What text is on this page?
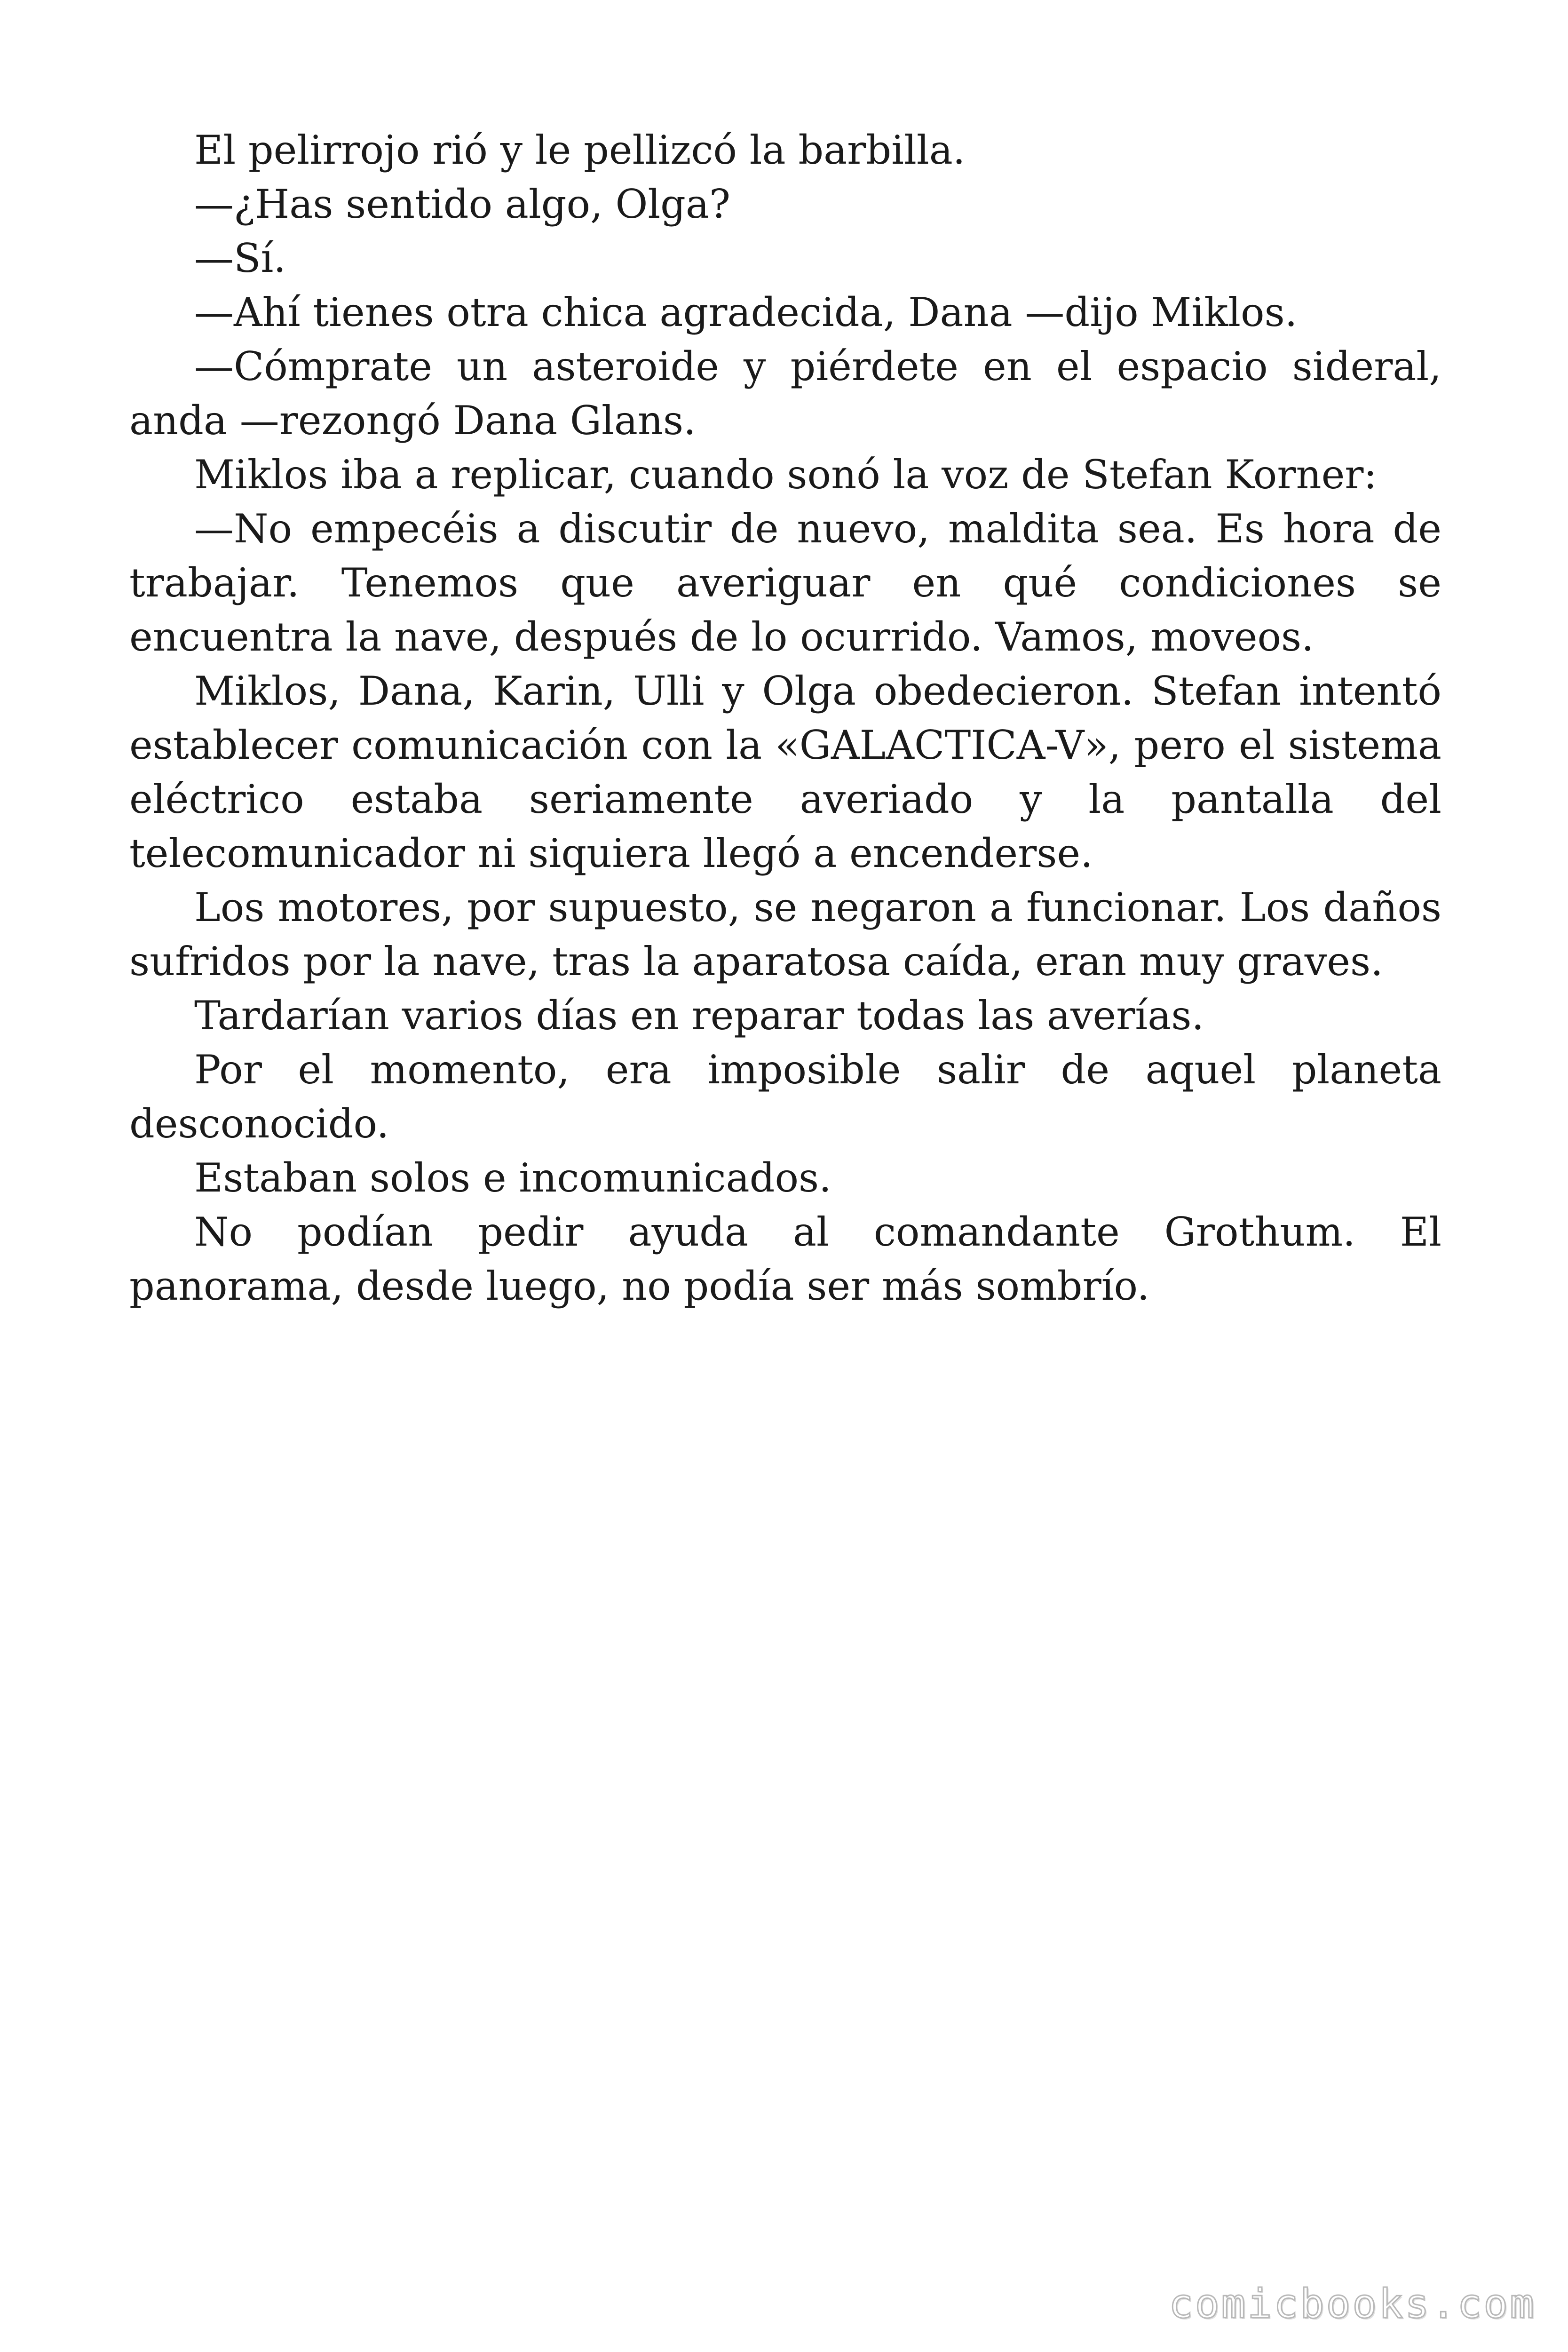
El pelirrojo rió y le pellizcó la barbilla.

—¿Has sentido algo, Olga?

—Sí.

—Ahí tienes otra chica agradecida, Dana —dijo Miklos.

—Cómprate un asteroide y piérdete en el espacio sideral, anda —rezongó Dana Glans.

Miklos iba a replicar, cuando sonó la voz de Stefan Korner:

—No empecéis a discutir de nuevo, maldita sea. Es hora de trabajar. Tenemos que averiguar en qué condiciones se encuentra la nave, después de lo ocurrido. Vamos, moveos.

Miklos, Dana, Karin, Ulli y Olga obedecieron. Stefan intentó establecer comunicación con la «GALACTICA-V», pero el sistema eléctrico estaba seriamente averiado y la pantalla del telecomunicador ni siquiera llegó a encenderse.

Los motores, por supuesto, se negaron a funcionar. Los daños sufridos por la nave, tras la aparatosa caída, eran muy graves.

Tardarían varios días en reparar todas las averías.

Por el momento, era imposible salir de aquel planeta desconocido.

Estaban solos e incomunicados.

No podían pedir ayuda al comandante Grothum. El panorama, desde luego, no podía ser más sombrío.

comicbooks.com
